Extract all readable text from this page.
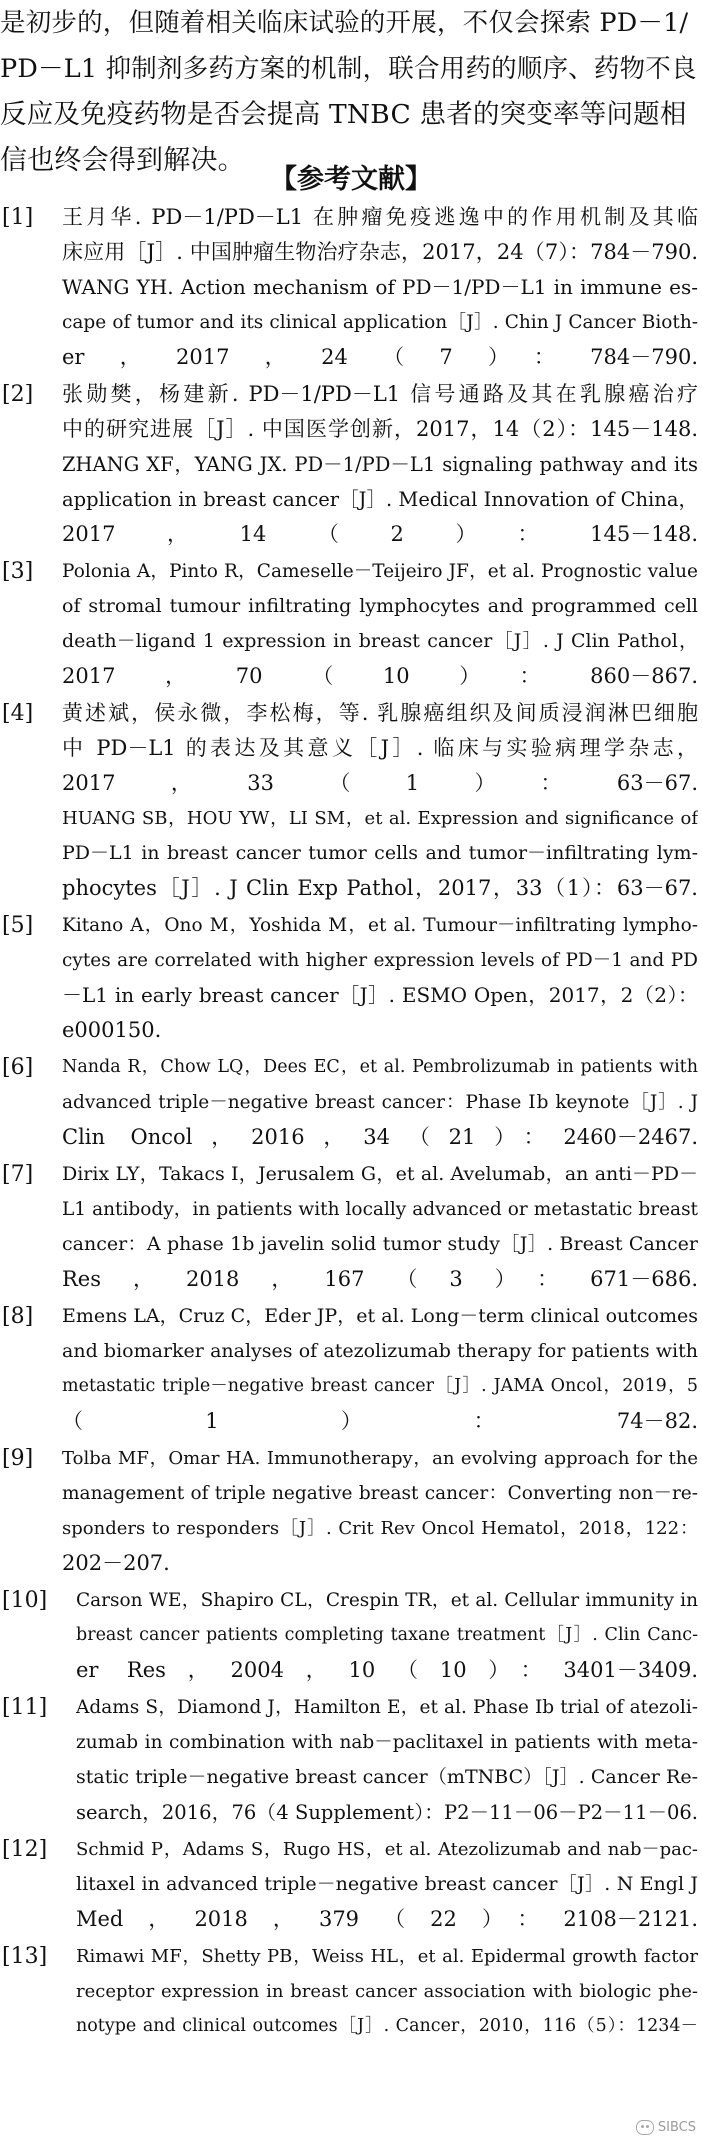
是初步的，但随着相关临床试验的开展，不仅会探索 PD－1/
PD－L1 抑制剂多药方案的机制，联合用药的顺序、药物不良
反应及免疫药物是否会提高 TNBC 患者的突变率等问题相
信也终会得到解决。
【参考文献】
[1] 王月华. PD－1/PD－L1 在肿瘤免疫逃逸中的作用机制及其临
床应用［J］. 中国肿瘤生物治疗杂志，2017，24（7）：784－790.
WANG YH. Action mechanism of PD－1/PD－L1 in immune es-
cape of tumor and its clinical application［J］. Chin J Cancer Bioth-
er，2017，24（7）：784－790.
[2] 张勋樊，杨建新. PD－1/PD－L1 信号通路及其在乳腺癌治疗
中的研究进展［J］. 中国医学创新，2017，14（2）：145－148.
ZHANG XF，YANG JX. PD－1/PD－L1 signaling pathway and its
application in breast cancer［J］. Medical Innovation of China，
2017，14（2）：145－148.
[3] Polonia A，Pinto R，Cameselle－Teijeiro JF，et al. Prognostic value
of stromal tumour infiltrating lymphocytes and programmed cell
death－ligand 1 expression in breast cancer［J］. J Clin Pathol，
2017，70（10）：860－867.
[4] 黄述斌，侯永微，李松梅，等. 乳腺癌组织及间质浸润淋巴细胞
中 PD－L1 的表达及其意义［J］. 临床与实验病理学杂志，
2017，33（1）：63－67.
HUANG SB，HOU YW，LI SM，et al. Expression and significance of
PD－L1 in breast cancer tumor cells and tumor－infiltrating lym-
phocytes［J］. J Clin Exp Pathol，2017，33（1）：63－67.
[5] Kitano A，Ono M，Yoshida M，et al. Tumour－infiltrating lympho-
cytes are correlated with higher expression levels of PD－1 and PD
－L1 in early breast cancer［J］. ESMO Open，2017，2（2）：
e000150.
[6] Nanda R，Chow LQ，Dees EC，et al. Pembrolizumab in patients with
advanced triple－negative breast cancer：Phase Ⅰb keynote［J］. J
Clin Oncol，2016，34（21）：2460－2467.
[7] Dirix LY，Takacs I，Jerusalem G，et al. Avelumab，an anti－PD－
L1 antibody，in patients with locally advanced or metastatic breast
cancer：A phase 1b javelin solid tumor study［J］. Breast Cancer
Res，2018，167（3）：671－686.
[8] Emens LA，Cruz C，Eder JP，et al. Long－term clinical outcomes
and biomarker analyses of atezolizumab therapy for patients with
metastatic triple－negative breast cancer［J］. JAMA Oncol，2019，5
（1）：74－82.
[9] Tolba MF，Omar HA. Immunotherapy，an evolving approach for the
management of triple negative breast cancer：Converting non－re-
sponders to responders［J］. Crit Rev Oncol Hematol，2018，122：
202－207.
[10] Carson WE，Shapiro CL，Crespin TR，et al. Cellular immunity in
breast cancer patients completing taxane treatment［J］. Clin Canc-
er Res，2004，10（10）：3401－3409.
[11] Adams S，Diamond J，Hamilton E，et al. Phase Ib trial of atezoli-
zumab in combination with nab－paclitaxel in patients with meta-
static triple－negative breast cancer（mTNBC）［J］. Cancer Re-
search，2016，76（4 Supplement）：P2－11－06－P2－11－06.
[12] Schmid P，Adams S，Rugo HS，et al. Atezolizumab and nab－pac-
litaxel in advanced triple－negative breast cancer［J］. N Engl J
Med，2018，379（22）：2108－2121.
[13] Rimawi MF，Shetty PB，Weiss HL，et al. Epidermal growth factor
receptor expression in breast cancer association with biologic phe-
notype and clinical outcomes［J］. Cancer，2010，116（5）：1234－
SIBCS
